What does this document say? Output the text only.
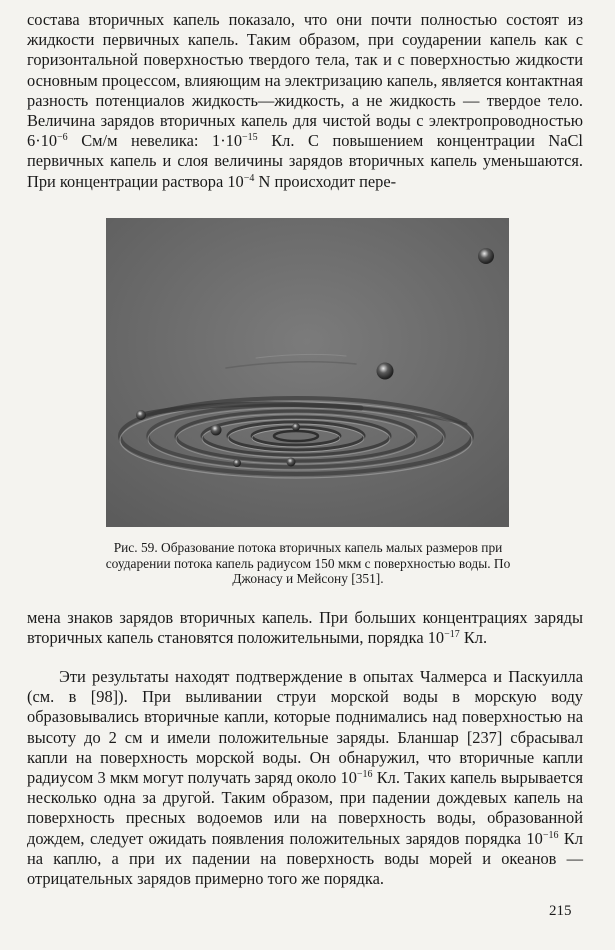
состава вторичных капель показало, что они почти полностью состоят из жидкости первичных капель. Таким образом, при соударении капель как с горизонтальной поверхностью твердого тела, так и с поверхностью жидкости основным процессом, влияющим на электризацию капель, является контактная разность потенциалов жидкость—жидкость, а не жидкость — твердое тело. Величина зарядов вторичных капель для чистой воды с электропроводностью $6\cdot 10^{-6}$ См/м невелика: $1\cdot 10^{-15}$ Кл. С повышением концентрации NaCl первичных капель и слоя величины зарядов вторичных капель уменьшаются. При концентрации раствора $10^{-4}$ N происходит пере-

Рис. 59. Образование потока вторичных капель малых размеров при соударении потока капель радиусом 150 мкм с поверхностью воды. По Джонасу и Мейсону [351].

мена знаков зарядов вторичных капель. При больших концентрациях заряды вторичных капель становятся положительными, порядка $10^{-17}$ Кл.

Эти результаты находят подтверждение в опытах Чалмерса и Паскуилла (см. в [98]). При выливании струи морской воды в морскую воду образовывались вторичные капли, которые поднимались над поверхностью на высоту до 2 см и имели положительные заряды. Бланшар [237] сбрасывал капли на поверхность морской воды. Он обнаружил, что вторичные капли радиусом 3 мкм могут получать заряд около $10^{-16}$ Кл. Таких капель вырывается несколько одна за другой. Таким образом, при падении дождевых капель на поверхность пресных водоемов или на поверхность воды, образованной дождем, следует ожидать появления положительных зарядов порядка $10^{-16}$ Кл на каплю, а при их падении на поверхность воды морей и океанов — отрицательных зарядов примерно того же порядка.

215
